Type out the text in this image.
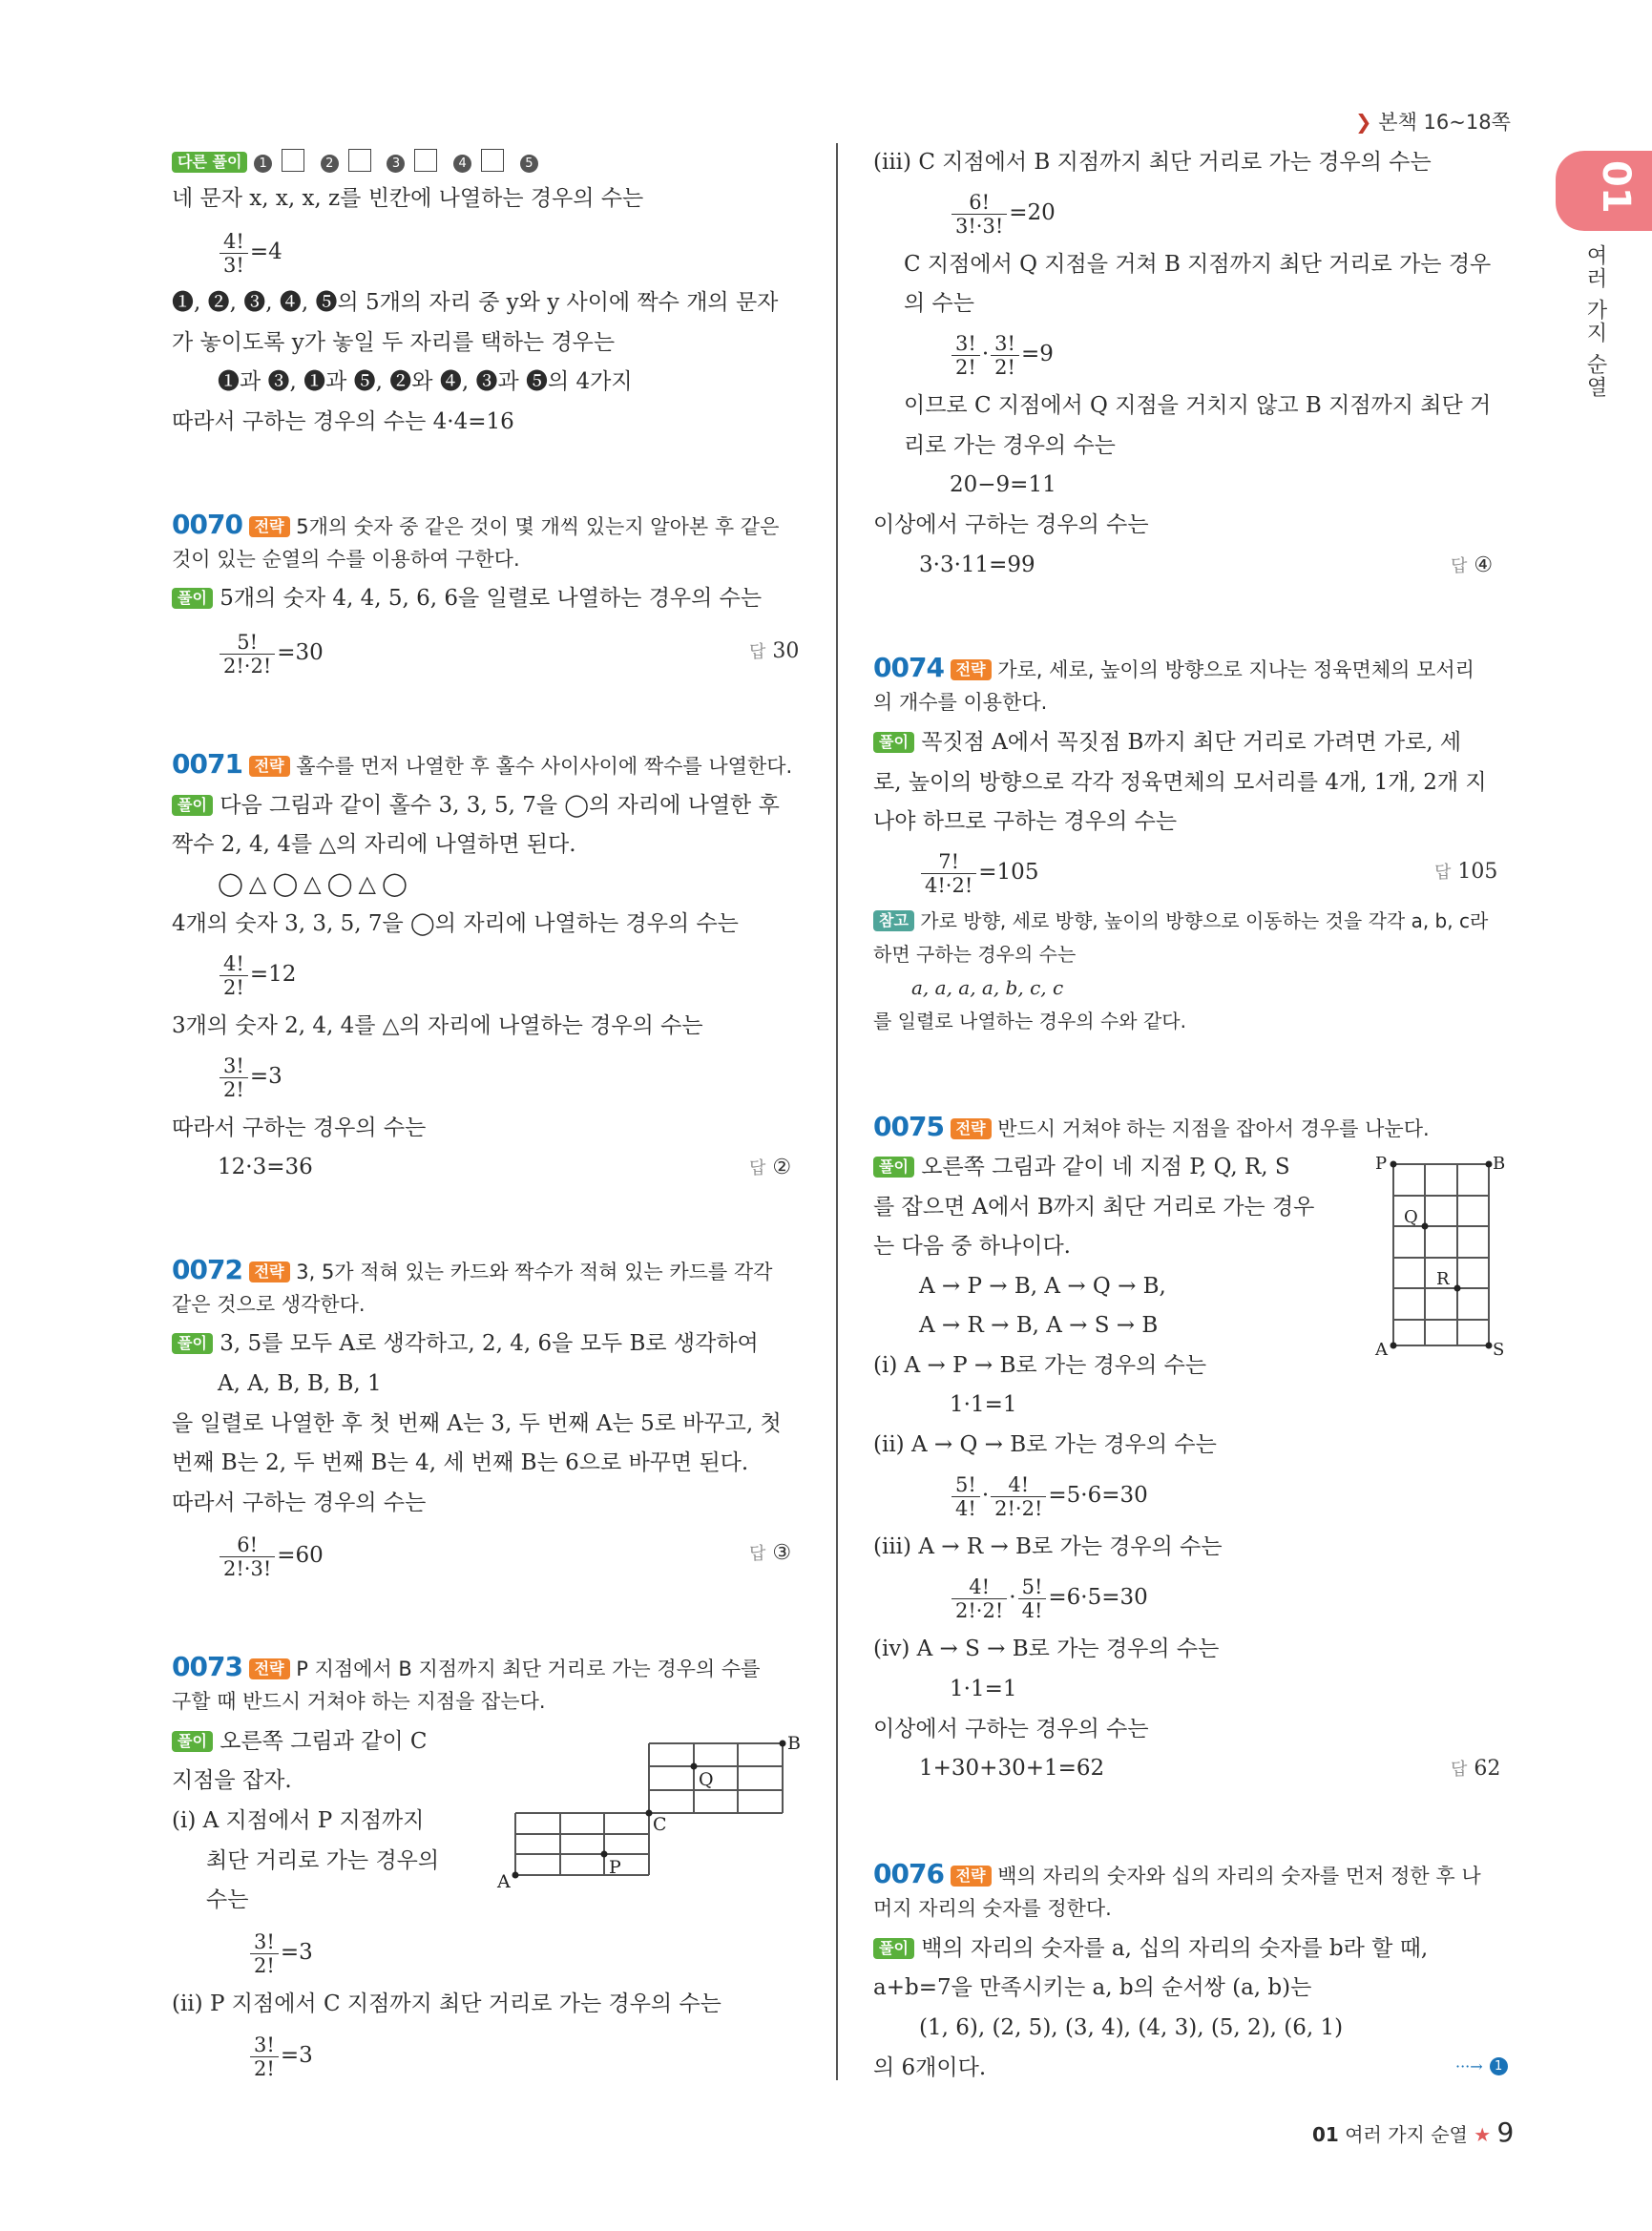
❯ 본책 16~18쪽
01
여러 가지 순열
다른 풀이 1	2	3	4	5
네 문자 x, x, x, z를 빈칸에 나열하는 경우의 수는
$\frac{4!}{3!} =4$
❶, ❷, ❸, ❹, ❺의 5개의 자리 중 y와 y 사이에 짝수 개의 문자
가 놓이도록 y가 놓일 두 자리를 택하는 경우는
❶과 ❸, ❶과 ❺, ❷와 ❹, ❸과 ❺의 4가지
따라서 구하는 경우의 수는 4·4=16
0070 전략 5개의 숫자 중 같은 것이 몇 개씩 있는지 알아본 후 같은
것이 있는 순열의 수를 이용하여 구한다.
풀이 5개의 숫자 4, 4, 5, 6, 6을 일렬로 나열하는 경우의 수는
$\frac{5!}{2!\cdot 2!} =30$	답 30
0071 전략 홀수를 먼저 나열한 후 홀수 사이사이에 짝수를 나열한다.
풀이 다음 그림과 같이 홀수 3, 3, 5, 7을 ◯의 자리에 나열한 후
짝수 2, 4, 4를 △의 자리에 나열하면 된다.
◯△◯△◯△◯
4개의 숫자 3, 3, 5, 7을 ◯의 자리에 나열하는 경우의 수는
$\frac{4!}{2!} =12$
3개의 숫자 2, 4, 4를 △의 자리에 나열하는 경우의 수는
$\frac{3!}{2!} =3$
따라서 구하는 경우의 수는
12·3=36	답 ②
0072 전략 3, 5가 적혀 있는 카드와 짝수가 적혀 있는 카드를 각각
같은 것으로 생각한다.
풀이 3, 5를 모두 A로 생각하고, 2, 4, 6을 모두 B로 생각하여
A, A, B, B, B, 1
을 일렬로 나열한 후 첫 번째 A는 3, 두 번째 A는 5로 바꾸고, 첫
번째 B는 2, 두 번째 B는 4, 세 번째 B는 6으로 바꾸면 된다.
따라서 구하는 경우의 수는
$\frac{6!}{2!\cdot 3!} =60$	답 ③
0073 전략 P 지점에서 B 지점까지 최단 거리로 가는 경우의 수를
구할 때 반드시 거쳐야 하는 지점을 잡는다.
풀이 오른쪽 그림과 같이 C
지점을 잡자.
(i) A 지점에서 P 지점까지
최단 거리로 가는 경우의
수는
$\frac{3!}{2!} =3$
(ii) P 지점에서 C 지점까지 최단 거리로 가는 경우의 수는
$\frac{3!}{2!} =3$
A
P
C
Q
B
(iii) C 지점에서 B 지점까지 최단 거리로 가는 경우의 수는
$\frac{6!}{3!\cdot 3!} =20$
C 지점에서 Q 지점을 거쳐 B 지점까지 최단 거리로 가는 경우
의 수는
$\frac{3!}{2!} \cdot \frac{3!}{2!} =9$
이므로 C 지점에서 Q 지점을 거치지 않고 B 지점까지 최단 거
리로 가는 경우의 수는
20−9=11
이상에서 구하는 경우의 수는
3·3·11=99	답 ④
0074 전략 가로, 세로, 높이의 방향으로 지나는 정육면체의 모서리
의 개수를 이용한다.
풀이 꼭짓점 A에서 꼭짓점 B까지 최단 거리로 가려면 가로, 세
로, 높이의 방향으로 각각 정육면체의 모서리를 4개, 1개, 2개 지
나야 하므로 구하는 경우의 수는
$\frac{7!}{4!\cdot 2!} =105$	답 105
참고 가로 방향, 세로 방향, 높이의 방향으로 이동하는 것을 각각 a, b, c라
하면 구하는 경우의 수는
a, a, a, a, b, c, c
를 일렬로 나열하는 경우의 수와 같다.
0075 전략 반드시 거쳐야 하는 지점을 잡아서 경우를 나눈다.
풀이 오른쪽 그림과 같이 네 지점 P, Q, R, S
를 잡으면 A에서 B까지 최단 거리로 가는 경우
는 다음 중 하나이다.
A → P → B, A → Q → B,
A → R → B, A → S → B
(i) A → P → B로 가는 경우의 수는
1·1=1
(ii) A → Q → B로 가는 경우의 수는
$\frac{5!}{4!} \cdot \frac{4!}{2!\cdot 2!} =5\cdot 6=30$
(iii) A → R → B로 가는 경우의 수는
$\frac{4!}{2!\cdot 2!} \cdot \frac{5!}{4!} =6\cdot 5=30$
(iv) A → S → B로 가는 경우의 수는
1·1=1
이상에서 구하는 경우의 수는
1+30+30+1=62	답 62
0076 전략 백의 자리의 숫자와 십의 자리의 숫자를 먼저 정한 후 나
머지 자리의 숫자를 정한다.
풀이 백의 자리의 숫자를 a, 십의 자리의 숫자를 b라 할 때,
a+b=7을 만족시키는 a, b의 순서쌍 (a, b)는
(1, 6), (2, 5), (3, 4), (4, 3), (5, 2), (6, 1)
의 6개이다.	···→ 1
A
B
P
Q
R
S
01 여러 가지 순열 ★ 9
